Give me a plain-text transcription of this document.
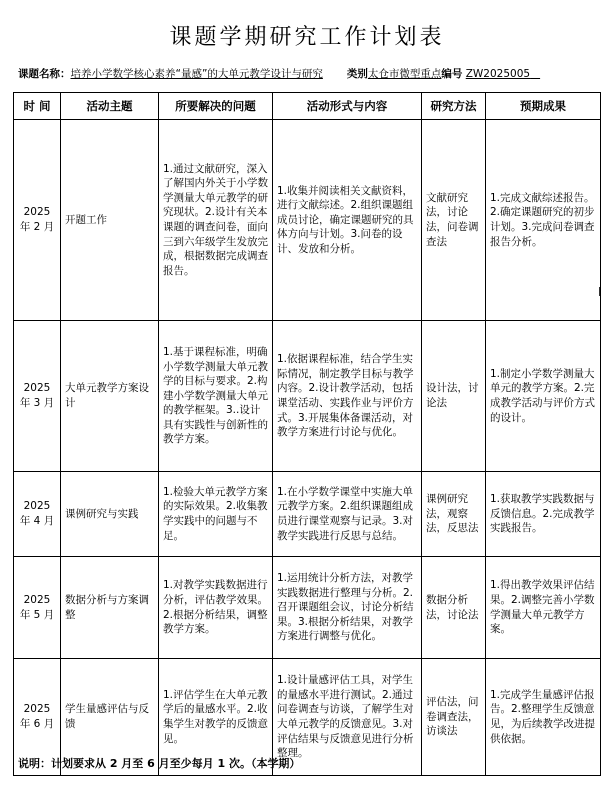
课题学期研究工作计划表
课题名称：培养小学数学核心素养“量感”的大单元教学设计与研究 类别太仓市微型重点编号 ZW2025005
时 间	活动主题	所要解决的问题	活动形式与内容	研究方法	预期成果
2025 年 2 月	开题工作	1.通过文献研究，深入了解国内外关于小学数学测量大单元教学的研究现状。2.设计有关本课题的调查问卷，面向三到六年级学生发放完成，根据数据完成调查报告。	1.收集并阅读相关文献资料，进行文献综述。2.组织课题组成员讨论，确定课题研究的具体方向与计划。3.问卷的设计、发放和分析。	文献研究法，讨论法，问卷调查法	1.完成文献综述报告。2.确定课题研究的初步计划。3.完成问卷调查报告分析。
2025 年 3 月	大单元教学方案设计	1.基于课程标准，明确小学数学测量大单元教学的目标与要求。2.构建小学数学测量大单元的教学框架。3..设计具有实践性与创新性的教学方案。	1.依据课程标准，结合学生实际情况，制定教学目标与教学内容。2.设计教学活动，包括课堂活动、实践作业与评价方式。3.开展集体备课活动，对教学方案进行讨论与优化。	设计法，讨论法	1.制定小学数学测量大单元的教学方案。2.完成教学活动与评价方式的设计。
2025 年 4 月	课例研究与实践	1.检验大单元教学方案的实际效果。2.收集教学实践中的问题与不足。	1.在小学数学课堂中实施大单元教学方案。2.组织课题组成员进行课堂观察与记录。3.对教学实践进行反思与总结。	课例研究法，观察法，反思法	1.获取教学实践数据与反馈信息。2.完成教学实践报告。
2025 年 5 月	数据分析与方案调整	1.对教学实践数据进行分析，评估教学效果。2.根据分析结果，调整教学方案。	1.运用统计分析方法，对教学实践数据进行整理与分析。2.召开课题组会议，讨论分析结果。3.根据分析结果，对教学方案进行调整与优化。	数据分析法，讨论法	1.得出教学效果评估结果。2.调整完善小学数学测量大单元教学方案。
2025 年 6 月	学生量感评估与反馈	1.评估学生在大单元教学后的量感水平。2.收集学生对教学的反馈意见。	1.设计量感评估工具，对学生的量感水平进行测试。2.通过问卷调查与访谈，了解学生对大单元教学的反馈意见。3.对评估结果与反馈意见进行分析整理。	评估法，问卷调查法，访谈法	1.完成学生量感评估报告。2.整理学生反馈意见，为后续教学改进提供依据。
说明：计划要求从 2 月至 6 月至少每月 1 次。（本学期）
